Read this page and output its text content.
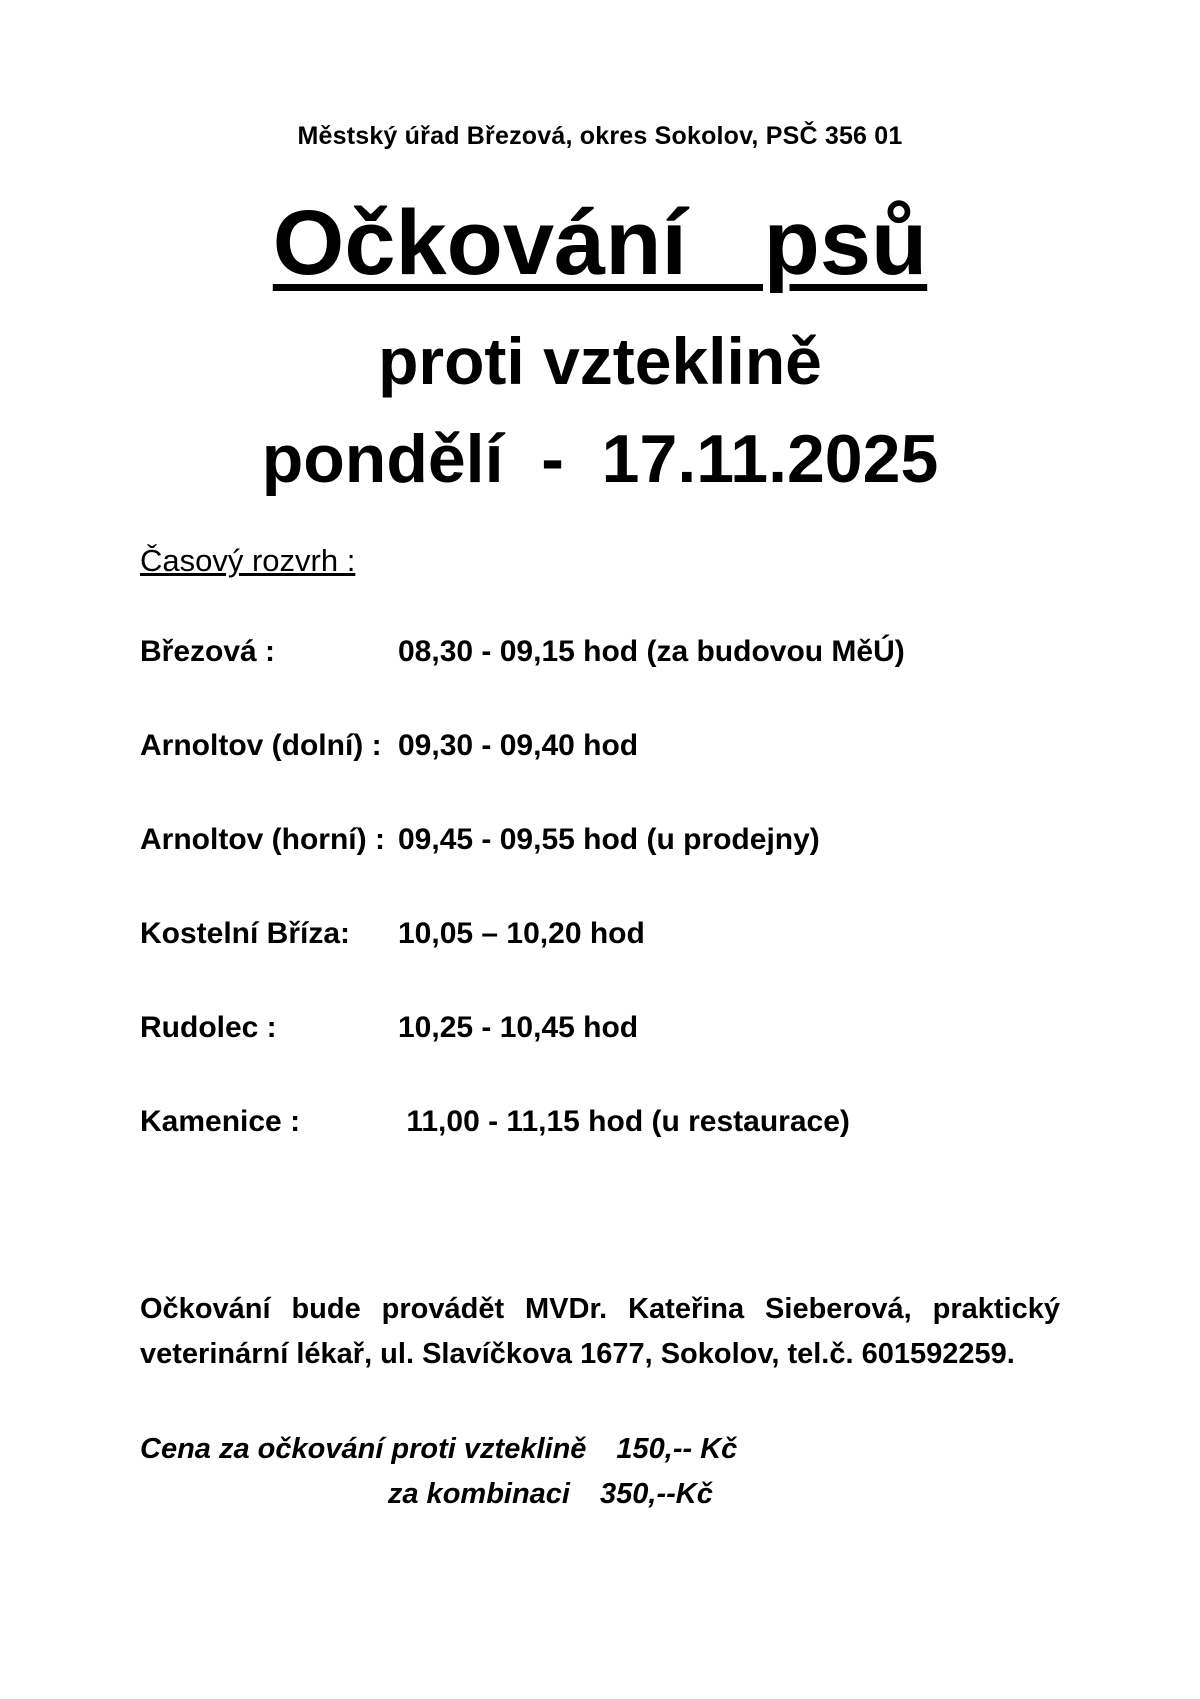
Městský úřad Březová, okres Sokolov, PSČ 356 01
Očkování   psů
proti vzteklině
pondělí  -  17.11.2025
Časový rozvrh :
Březová :	08,30 - 09,15 hod (za budovou MěÚ)
Arnoltov (dolní) : 09,30 - 09,40 hod
Arnoltov (horní) : 09,45 - 09,55 hod (u prodejny)
Kostelní Bříza:	10,05 – 10,20 hod
Rudolec :	10,25 - 10,45 hod
Kamenice :	11,00 - 11,15 hod (u restaurace)

Očkování bude provádět MVDr. Kateřina Sieberová, praktický veterinární lékař, ul. Slavíčkova 1677, Sokolov, tel.č. 601592259.

Cena za očkování proti vzteklině 150,-- Kč
za kombinaci	350,--Kč
